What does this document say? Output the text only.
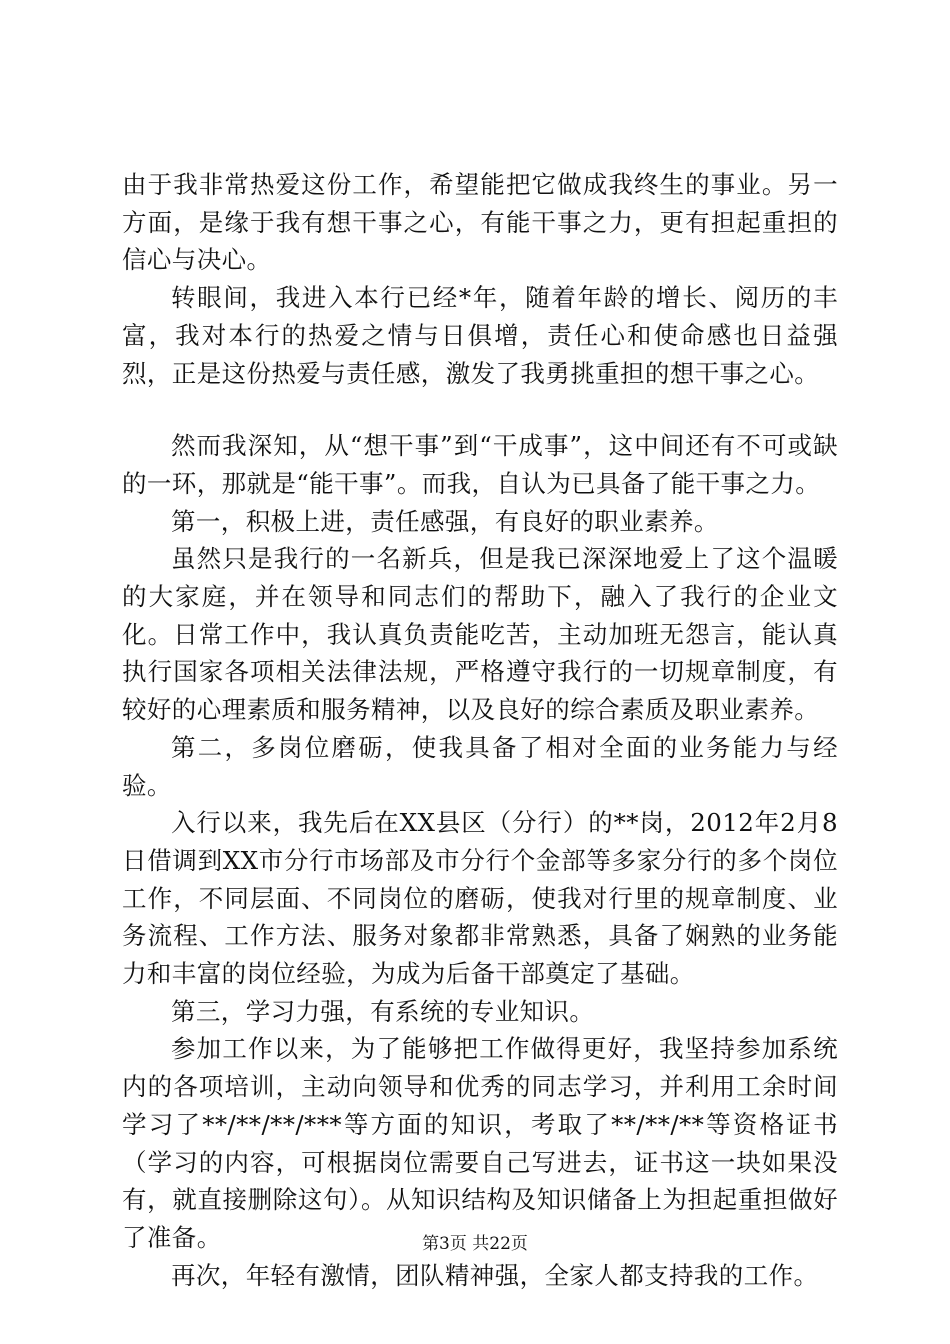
由于我非常热爱这份工作，希望能把它做成我终生的事业。另一方面，是缘于我有想干事之心，有能干事之力，更有担起重担的信心与决心。

转眼间，我进入本行已经*年，随着年龄的增长、阅历的丰富，我对本行的热爱之情与日俱增，责任心和使命感也日益强烈，正是这份热爱与责任感，激发了我勇挑重担的想干事之心。

然而我深知，从“想干事”到“干成事”，这中间还有不可或缺的一环，那就是“能干事”。而我，自认为已具备了能干事之力。

第一，积极上进，责任感强，有良好的职业素养。

虽然只是我行的一名新兵，但是我已深深地爱上了这个温暖的大家庭，并在领导和同志们的帮助下，融入了我行的企业文化。日常工作中，我认真负责能吃苦，主动加班无怨言，能认真执行国家各项相关法律法规，严格遵守我行的一切规章制度，有较好的心理素质和服务精神，以及良好的综合素质及职业素养。

第二，多岗位磨砺，使我具备了相对全面的业务能力与经验。

入行以来，我先后在XX县区（分行）的**岗，2012年2月8日借调到XX市分行市场部及市分行个金部等多家分行的多个岗位工作，不同层面、不同岗位的磨砺，使我对行里的规章制度、业务流程、工作方法、服务对象都非常熟悉，具备了娴熟的业务能力和丰富的岗位经验，为成为后备干部奠定了基础。

第三，学习力强，有系统的专业知识。

参加工作以来，为了能够把工作做得更好，我坚持参加系统内的各项培训，主动向领导和优秀的同志学习，并利用工余时间学习了**/**/**/***等方面的知识，考取了**/**/**等资格证书（学习的内容，可根据岗位需要自己写进去，证书这一块如果没有，就直接删除这句）。从知识结构及知识储备上为担起重担做好了准备。

再次，年轻有激情，团队精神强，全家人都支持我的工作。

第3页 共22页
